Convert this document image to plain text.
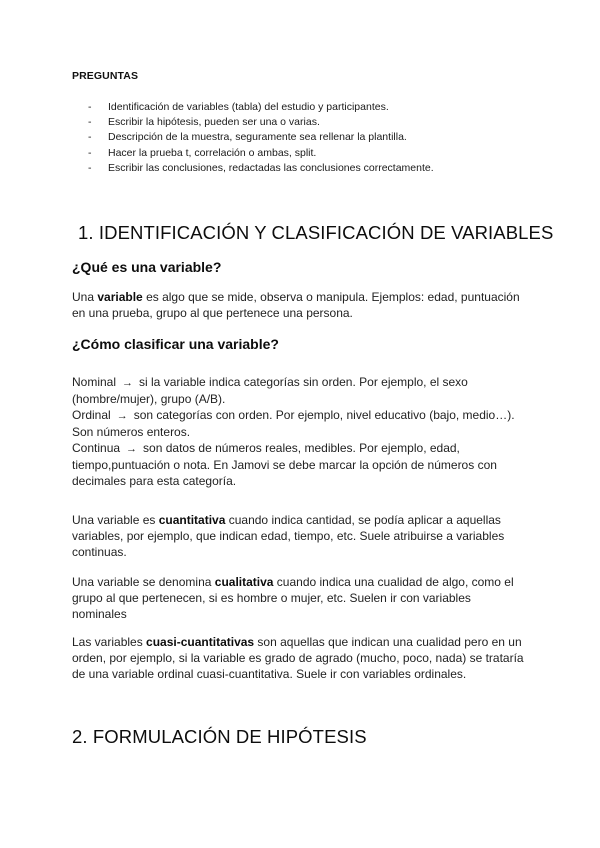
PREGUNTAS
- Identificación de variables (tabla) del estudio y participantes.
- Escribir la hipótesis, pueden ser una o varias.
- Descripción de la muestra, seguramente sea rellenar la plantilla.
- Hacer la prueba t, correlación o ambas, split.
- Escribir las conclusiones, redactadas las conclusiones correctamente.
1. IDENTIFICACIÓN Y CLASIFICACIÓN DE VARIABLES
¿Qué es una variable?

Una variable es algo que se mide, observa o manipula. Ejemplos: edad, puntuación en una prueba, grupo al que pertenece una persona.

¿Cómo clasificar una variable?

Nominal → si la variable indica categorías sin orden. Por ejemplo, el sexo (hombre/mujer), grupo (A/B).
Ordinal → son categorías con orden. Por ejemplo, nivel educativo (bajo, medio…). Son números enteros.
Continua → son datos de números reales, medibles. Por ejemplo, edad, tiempo,puntuación o nota. En Jamovi se debe marcar la opción de números con decimales para esta categoría.

Una variable es cuantitativa cuando indica cantidad, se podía aplicar a aquellas variables, por ejemplo, que indican edad, tiempo, etc. Suele atribuirse a variables continuas.

Una variable se denomina cualitativa cuando indica una cualidad de algo, como el grupo al que pertenecen, si es hombre o mujer, etc. Suelen ir con variables nominales

Las variables cuasi-cuantitativas son aquellas que indican una cualidad pero en un orden, por ejemplo, si la variable es grado de agrado (mucho, poco, nada) se trataría de una variable ordinal cuasi-cuantitativa. Suele ir con variables ordinales.

2. FORMULACIÓN DE HIPÓTESIS
